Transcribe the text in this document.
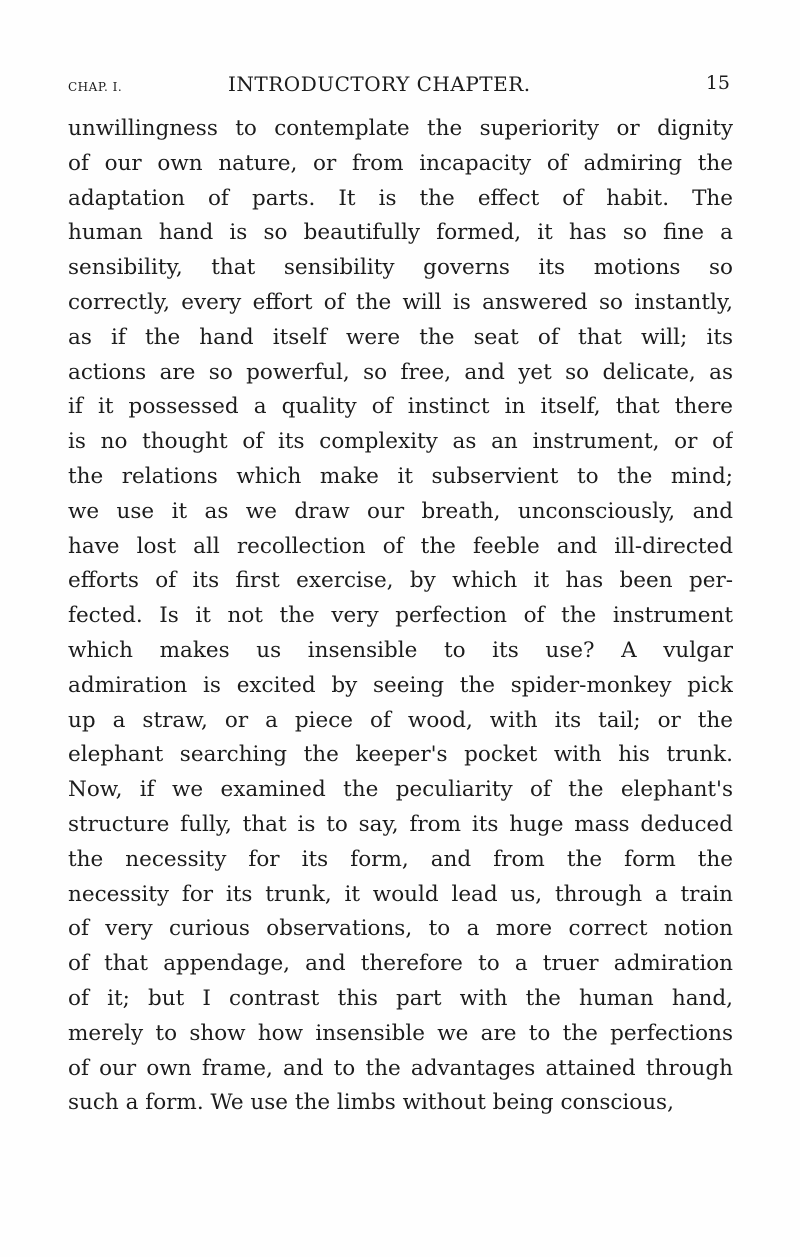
CHAP. I.	INTRODUCTORY CHAPTER.	15
unwillingness to contemplate the superiority or dignity
of our own nature, or from incapacity of admiring the
adaptation of parts. It is the effect of habit. The
human hand is so beautifully formed, it has so fine a
sensibility, that sensibility governs its motions so
correctly, every effort of the will is answered so instantly,
as if the hand itself were the seat of that will; its
actions are so powerful, so free, and yet so delicate, as
if it possessed a quality of instinct in itself, that there
is no thought of its complexity as an instrument, or of
the relations which make it subservient to the mind;
we use it as we draw our breath, unconsciously, and
have lost all recollection of the feeble and ill-directed
efforts of its first exercise, by which it has been per-
fected. Is it not the very perfection of the instrument
which makes us insensible to its use? A vulgar
admiration is excited by seeing the spider-monkey pick
up a straw, or a piece of wood, with its tail; or the
elephant searching the keeper's pocket with his trunk.
Now, if we examined the peculiarity of the elephant's
structure fully, that is to say, from its huge mass deduced
the necessity for its form, and from the form the
necessity for its trunk, it would lead us, through a train
of very curious observations, to a more correct notion
of that appendage, and therefore to a truer admiration
of it; but I contrast this part with the human hand,
merely to show how insensible we are to the perfections
of our own frame, and to the advantages attained through
such a form. We use the limbs without being conscious,
